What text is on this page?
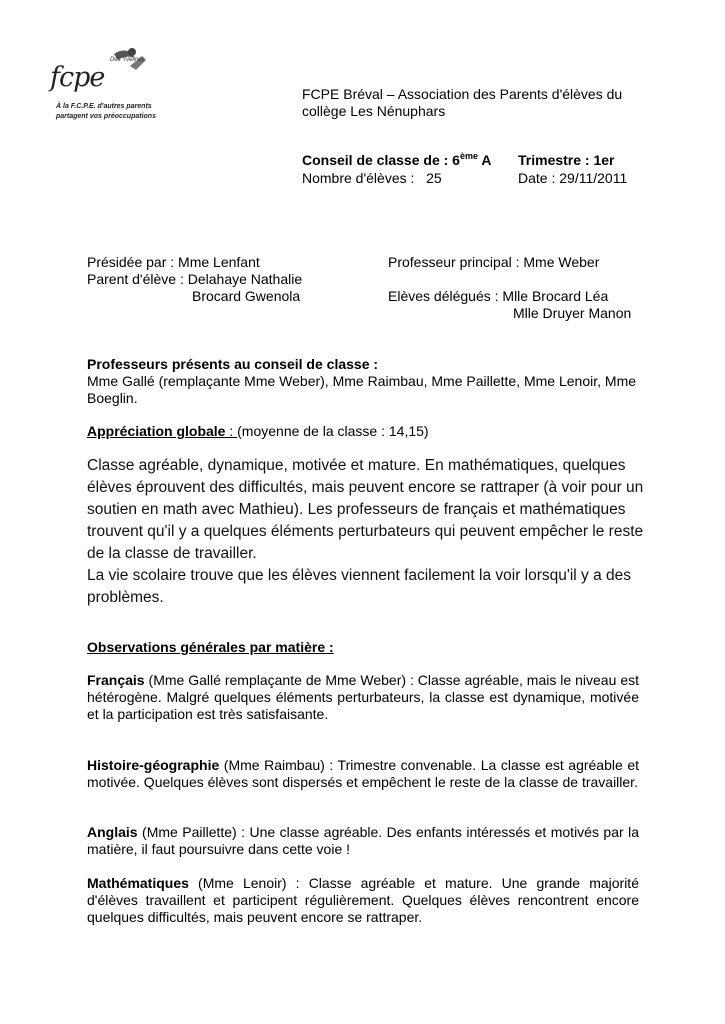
fcpe
Des Yvelines
À la F.C.P.E. d'autres parents partagent vos préoccupations
FCPE Bréval – Association des Parents d'élèves du collège Les Nénuphars
Conseil de classe de : 6ème A Trimestre : 1er
Nombre d'élèves : 25	Date : 29/11/2011
Présidée par : Mme Lenfant
Parent d'élève : Delahaye Nathalie
Brocard Gwenola
Professeur principal : Mme Weber
Elèves délégués : Mlle Brocard Léa
Mlle Druyer Manon
Professeurs présents au conseil de classe :
Mme Gallé (remplaçante Mme Weber), Mme Raimbau, Mme Paillette, Mme Lenoir, Mme Boeglin.
Appréciation globale : (moyenne de la classe : 14,15)
Classe agréable, dynamique, motivée et mature. En mathématiques, quelques élèves éprouvent des difficultés, mais peuvent encore se rattraper (à voir pour un soutien en math avec Mathieu). Les professeurs de français et mathématiques trouvent qu'il y a quelques éléments perturbateurs qui peuvent empêcher le reste de la classe de travailler.
La vie scolaire trouve que les élèves viennent facilement la voir lorsqu'il y a des problèmes.
Observations générales par matière :
Français (Mme Gallé remplaçante de Mme Weber) : Classe agréable, mais le niveau est hétérogène. Malgré quelques éléments perturbateurs, la classe est dynamique, motivée et la participation est très satisfaisante.
Histoire-géographie (Mme Raimbau) : Trimestre convenable. La classe est agréable et motivée. Quelques élèves sont dispersés et empêchent le reste de la classe de travailler.
Anglais (Mme Paillette) : Une classe agréable. Des enfants intéressés et motivés par la matière, il faut poursuivre dans cette voie !
Mathématiques (Mme Lenoir) : Classe agréable et mature. Une grande majorité d'élèves travaillent et participent régulièrement. Quelques élèves rencontrent encore quelques difficultés, mais peuvent encore se rattraper.
